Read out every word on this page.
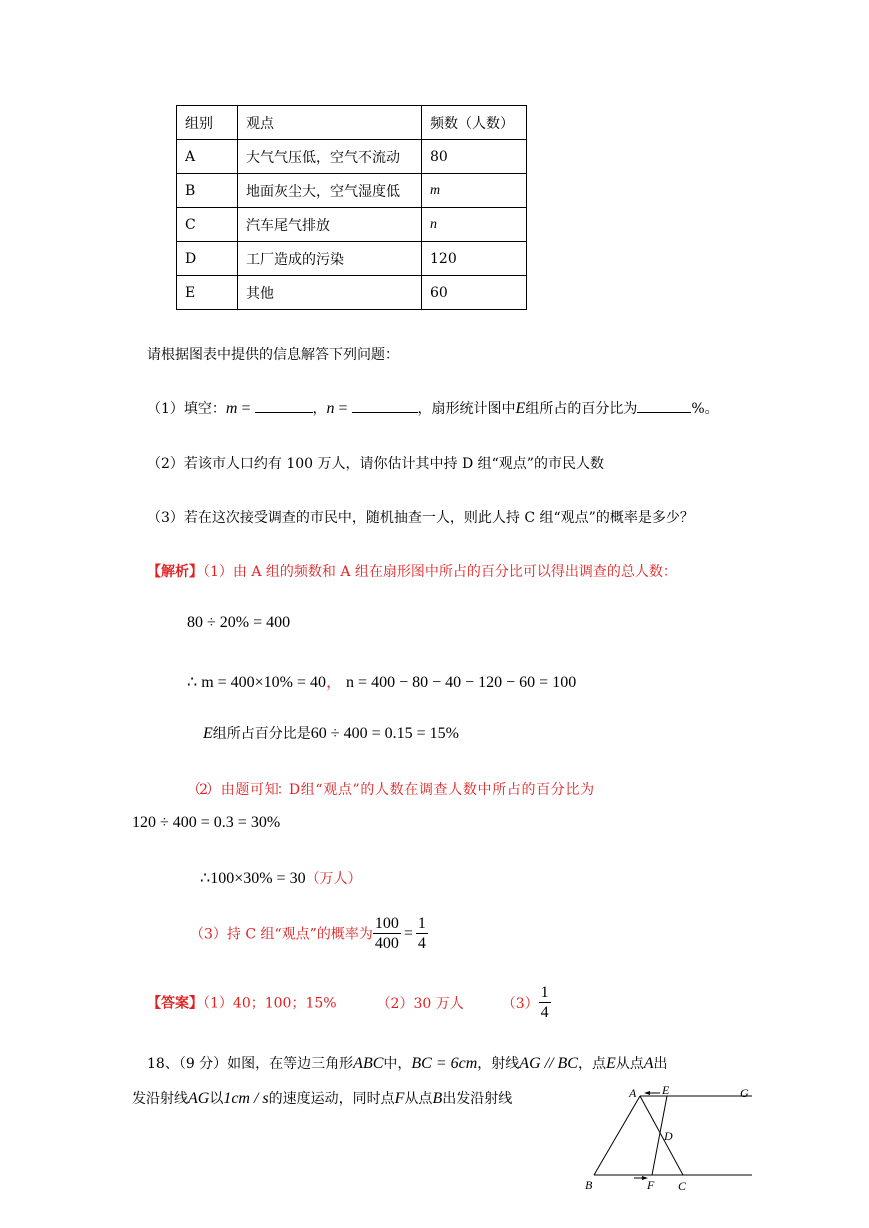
组别	观点	频数（人数）
A	大气气压低，空气不流动	80
B	地面灰尘大，空气湿度低	m
C	汽车尾气排放	n
D	工厂造成的污染	120
E	其他	60
请根据图表中提供的信息解答下列问题：
（1）填空：m =	，n =	，扇形统计图中E组所占的百分比为	%。
（2）若该市人口约有 100 万人，请你估计其中持 D 组“观点”的市民人数
（3）若在这次接受调查的市民中，随机抽查一人，则此人持 C 组“观点”的概率是多少？
【解析】（1）由 A 组的频数和 A 组在扇形图中所占的百分比可以得出调查的总人数：
80 ÷ 20% = 400
∴ m = 400×10% = 40， n = 400 − 80 − 40 − 120 − 60 = 100
E组所占百分比是60 ÷ 400 = 0.15 = 15%
（2） 由 题 可 知：D 组 “ 观 点 ” 的 人 数 在 调 查 人 数 中 所 占 的 百 分 比 为
120 ÷ 400 = 0.3 = 30%
∴100×30% = 30（万人）
（3）持 C 组“观点”的概率为 $\frac{100}{400} = \frac{1}{4}$
【答案】（1）40；100；15%	（2）30 万人	$(3) \frac{1}{4}$
18、（9 分）如图，在等边三角形ABC中，BC = 6cm，射线AG // BC，点E从点A出
发沿射线AG以1cm / s的速度运动，同时点F从点B出发沿射线	A E	G
D
B	F C
